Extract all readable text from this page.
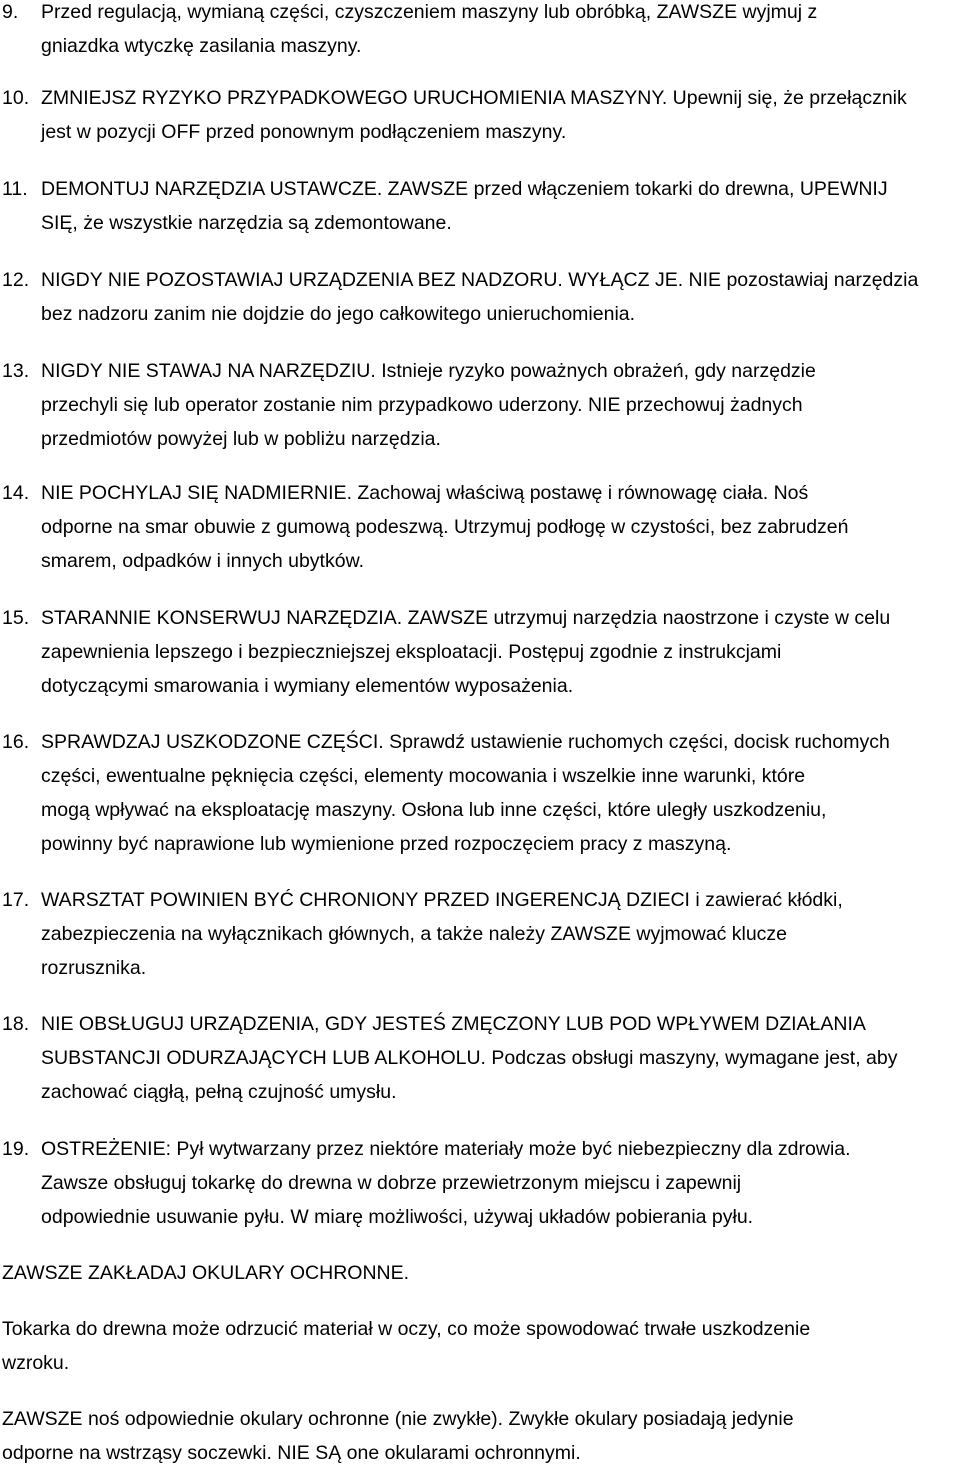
9. Przed regulacją, wymianą części, czyszczeniem maszyny lub obróbką, ZAWSZE wyjmuj z
gniazdka wtyczkę zasilania maszyny.
10. ZMNIEJSZ RYZYKO PRZYPADKOWEGO URUCHOMIENIA MASZYNY. Upewnij się, że przełącznik
jest w pozycji OFF przed ponownym podłączeniem maszyny.
11. DEMONTUJ NARZĘDZIA USTAWCZE. ZAWSZE przed włączeniem tokarki do drewna, UPEWNIJ
SIĘ, że wszystkie narzędzia są zdemontowane.
12. NIGDY NIE POZOSTAWIAJ URZĄDZENIA BEZ NADZORU. WYŁĄCZ JE. NIE pozostawiaj narzędzia
bez nadzoru zanim nie dojdzie do jego całkowitego unieruchomienia.
13. NIGDY NIE STAWAJ NA NARZĘDZIU. Istnieje ryzyko poważnych obrażeń, gdy narzędzie
przechyli się lub operator zostanie nim przypadkowo uderzony. NIE przechowuj żadnych
przedmiotów powyżej lub w pobliżu narzędzia.
14. NIE POCHYLAJ SIĘ NADMIERNIE. Zachowaj właściwą postawę i równowagę ciała. Noś
odporne na smar obuwie z gumową podeszwą. Utrzymuj podłogę w czystości, bez zabrudzeń
smarem, odpadków i innych ubytków.
15. STARANNIE KONSERWUJ NARZĘDZIA. ZAWSZE utrzymuj narzędzia naostrzone i czyste w celu
zapewnienia lepszego i bezpieczniejszej eksploatacji. Postępuj zgodnie z instrukcjami
dotyczącymi smarowania i wymiany elementów wyposażenia.
16. SPRAWDZAJ USZKODZONE CZĘŚCI. Sprawdź ustawienie ruchomych części, docisk ruchomych
części, ewentualne pęknięcia części, elementy mocowania i wszelkie inne warunki, które
mogą wpływać na eksploatację maszyny. Osłona lub inne części, które uległy uszkodzeniu,
powinny być naprawione lub wymienione przed rozpoczęciem pracy z maszyną.
17. WARSZTAT POWINIEN BYĆ CHRONIONY PRZED INGERENCJĄ DZIECI i zawierać kłódki,
zabezpieczenia na wyłącznikach głównych, a także należy ZAWSZE wyjmować klucze
rozrusznika.
18. NIE OBSŁUGUJ URZĄDZENIA, GDY JESTEŚ ZMĘCZONY LUB POD WPŁYWEM DZIAŁANIA
SUBSTANCJI ODURZAJĄCYCH LUB ALKOHOLU. Podczas obsługi maszyny, wymagane jest, aby
zachować ciągłą, pełną czujność umysłu.
19. OSTREŻENIE: Pył wytwarzany przez niektóre materiały może być niebezpieczny dla zdrowia.
Zawsze obsługuj tokarkę do drewna w dobrze przewietrzonym miejscu i zapewnij
odpowiednie usuwanie pyłu. W miarę możliwości, używaj układów pobierania pyłu.
ZAWSZE ZAKŁADAJ OKULARY OCHRONNE.
Tokarka do drewna może odrzucić materiał w oczy, co może spowodować trwałe uszkodzenie
wzroku.
ZAWSZE noś odpowiednie okulary ochronne (nie zwykłe). Zwykłe okulary posiadają jedynie
odporne na wstrząsy soczewki. NIE SĄ one okularami ochronnymi.
